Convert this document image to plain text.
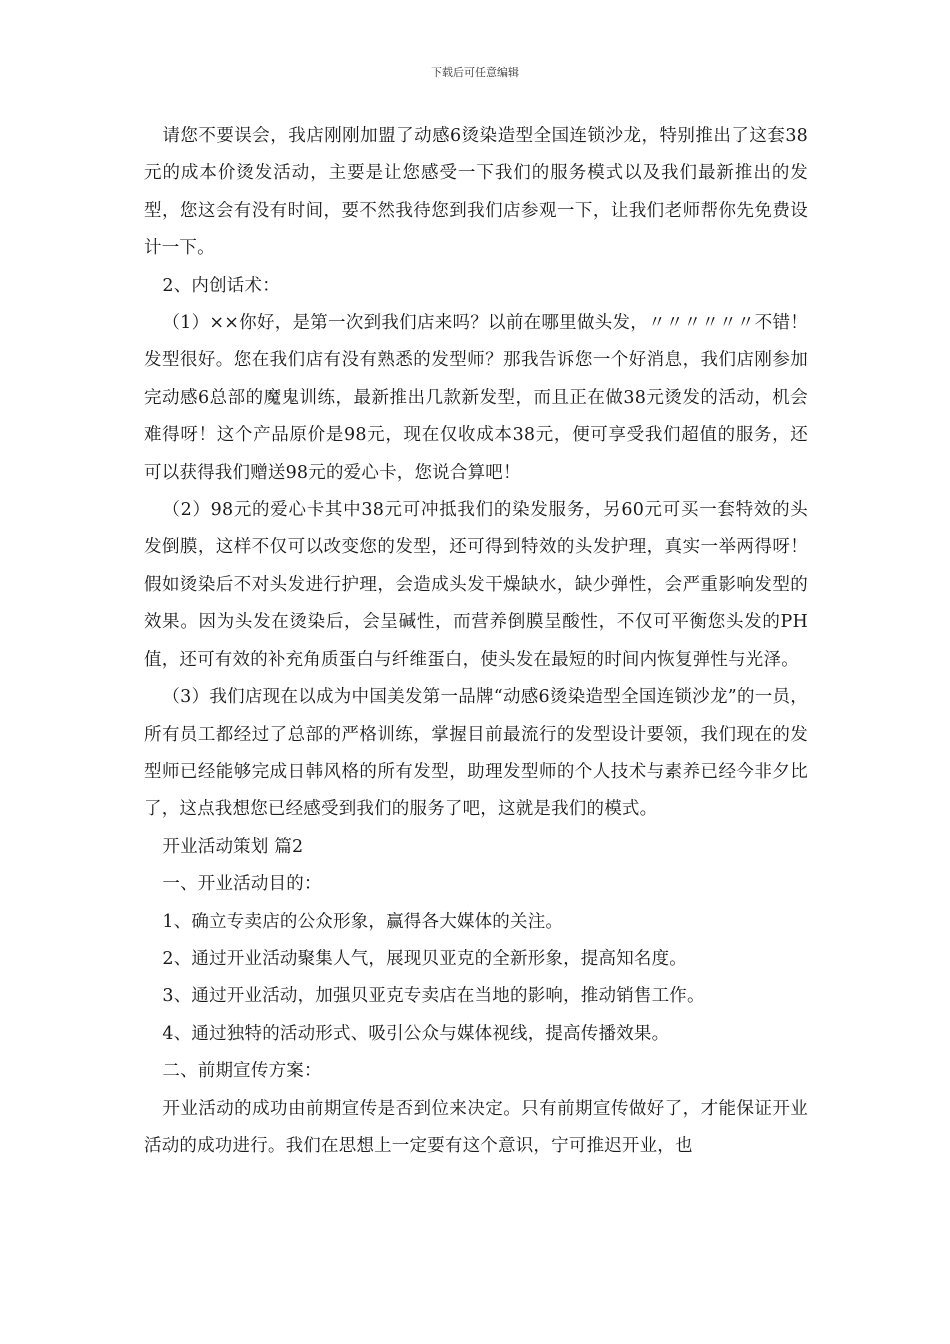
下载后可任意编辑

请您不要误会，我店刚刚加盟了动感6烫染造型全国连锁沙龙，特别推出了这套38元的成本价烫发活动，主要是让您感受一下我们的服务模式以及我们最新推出的发型，您这会有没有时间，要不然我待您到我们店参观一下，让我们老师帮你先免费设计一下。

2、内创话术：

（1）××你好，是第一次到我们店来吗？以前在哪里做头发，〃〃〃〃〃〃不错！发型很好。您在我们店有没有熟悉的发型师？那我告诉您一个好消息，我们店刚参加完动感6总部的魔鬼训练，最新推出几款新发型，而且正在做38元烫发的活动，机会难得呀！这个产品原价是98元，现在仅收成本38元，便可享受我们超值的服务，还可以获得我们赠送98元的爱心卡，您说合算吧！

（2）98元的爱心卡其中38元可冲抵我们的染发服务，另60元可买一套特效的头发倒膜，这样不仅可以改变您的发型，还可得到特效的头发护理，真实一举两得呀！假如烫染后不对头发进行护理，会造成头发干燥缺水，缺少弹性，会严重影响发型的效果。因为头发在烫染后，会呈碱性，而营养倒膜呈酸性，不仅可平衡您头发的PH值，还可有效的补充角质蛋白与纤维蛋白，使头发在最短的时间内恢复弹性与光泽。

（3）我们店现在以成为中国美发第一品牌“动感6烫染造型全国连锁沙龙”的一员，所有员工都经过了总部的严格训练，掌握目前最流行的发型设计要领，我们现在的发型师已经能够完成日韩风格的所有发型，助理发型师的个人技术与素养已经今非夕比了，这点我想您已经感受到我们的服务了吧，这就是我们的模式。

开业活动策划 篇2

一、开业活动目的：

1、确立专卖店的公众形象，赢得各大媒体的关注。

2、通过开业活动聚集人气，展现贝亚克的全新形象，提高知名度。

3、通过开业活动，加强贝亚克专卖店在当地的影响，推动销售工作。

4、通过独特的活动形式、吸引公众与媒体视线，提高传播效果。

二、前期宣传方案：

开业活动的成功由前期宣传是否到位来决定。只有前期宣传做好了，才能保证开业活动的成功进行。我们在思想上一定要有这个意识，宁可推迟开业，也
